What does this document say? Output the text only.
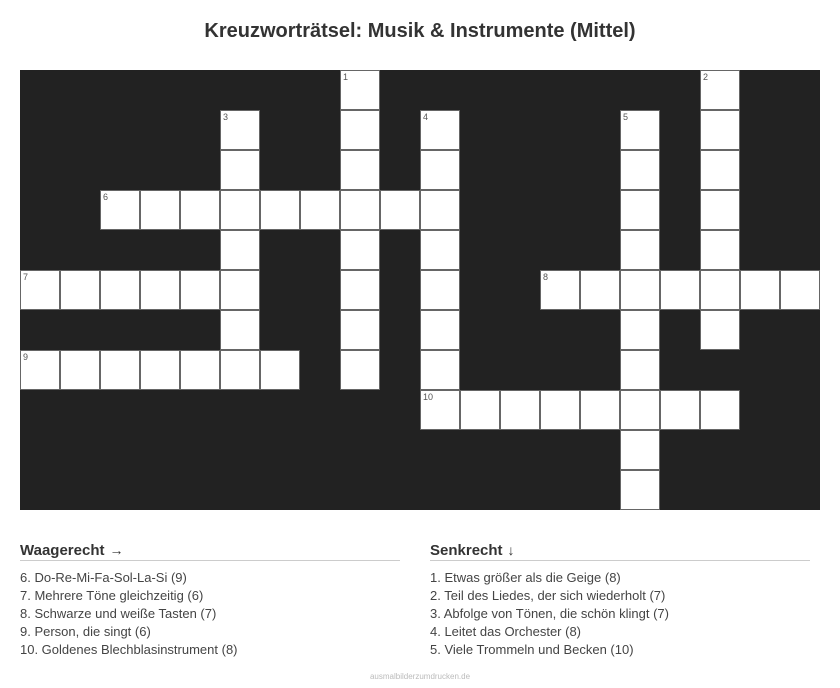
Kreuzworträtsel: Musik & Instrumente (Mittel)
1	2
3	4
10
5
6
7	8
9
Waagerecht →
6. Do-Re-Mi-Fa-Sol-La-Si (9)
7. Mehrere Töne gleichzeitig (6)
8. Schwarze und weiße Tasten (7)
9. Person, die singt (6)
10. Goldenes Blechblasinstrument (8)
Senkrecht ↓
1. Etwas größer als die Geige (8)
2. Teil des Liedes, der sich wiederholt (7)
3. Abfolge von Tönen, die schön klingt (7)
4. Leitet das Orchester (8)
5. Viele Trommeln und Becken (10)
ausmalbilderzumdrucken.de
